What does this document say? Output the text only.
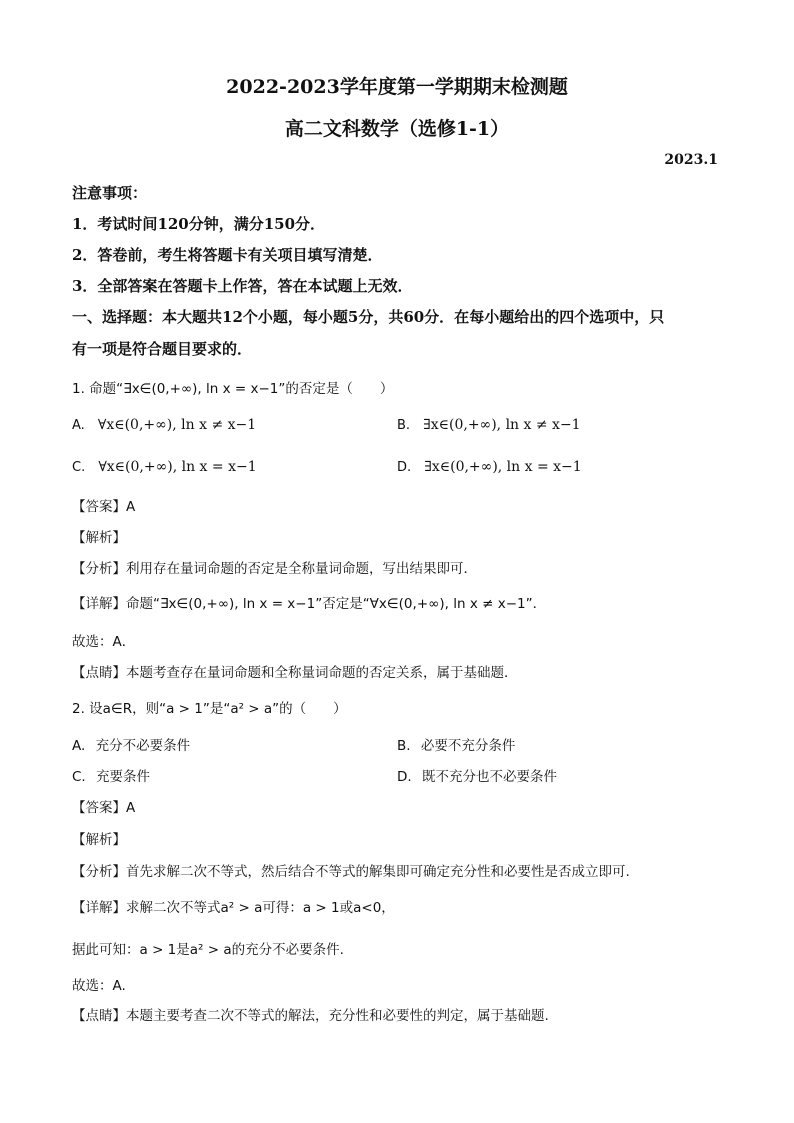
2022-2023学年度第一学期期末检测题
高二文科数学（选修1-1）
2023.1
注意事项：
1．考试时间120分钟，满分150分．
2．答卷前，考生将答题卡有关项目填写清楚．
3．全部答案在答题卡上作答，答在本试题上无效．
一、选择题：本大题共12个小题，每小题5分，共60分．在每小题给出的四个选项中，只
有一项是符合题目要求的．
1. 命题“∃x∈(0,+∞), ln x = x−1”的否定是（　　）
A. ∀x∈(0,+∞), ln x ≠ x−1	B. ∃x∈(0,+∞), ln x ≠ x−1
C. ∀x∈(0,+∞), ln x = x−1	D. ∃x∈(0,+∞), ln x = x−1
【答案】A
【解析】
【分析】利用存在量词命题的否定是全称量词命题，写出结果即可．
【详解】命题“∃x∈(0,+∞), ln x = x−1”否定是“∀x∈(0,+∞), ln x ≠ x−1”．
故选：A．
【点睛】本题考查存在量词命题和全称量词命题的否定关系，属于基础题．
2. 设a∈R，则“a > 1”是“a² > a”的（　　）
A. 充分不必要条件	B. 必要不充分条件
C. 充要条件	D. 既不充分也不必要条件
【答案】A
【解析】
【分析】首先求解二次不等式，然后结合不等式的解集即可确定充分性和必要性是否成立即可.
【详解】求解二次不等式a² > a可得：a > 1或a<0，
据此可知：a > 1是a² > a的充分不必要条件.
故选：A.
【点睛】本题主要考查二次不等式的解法，充分性和必要性的判定，属于基础题.
